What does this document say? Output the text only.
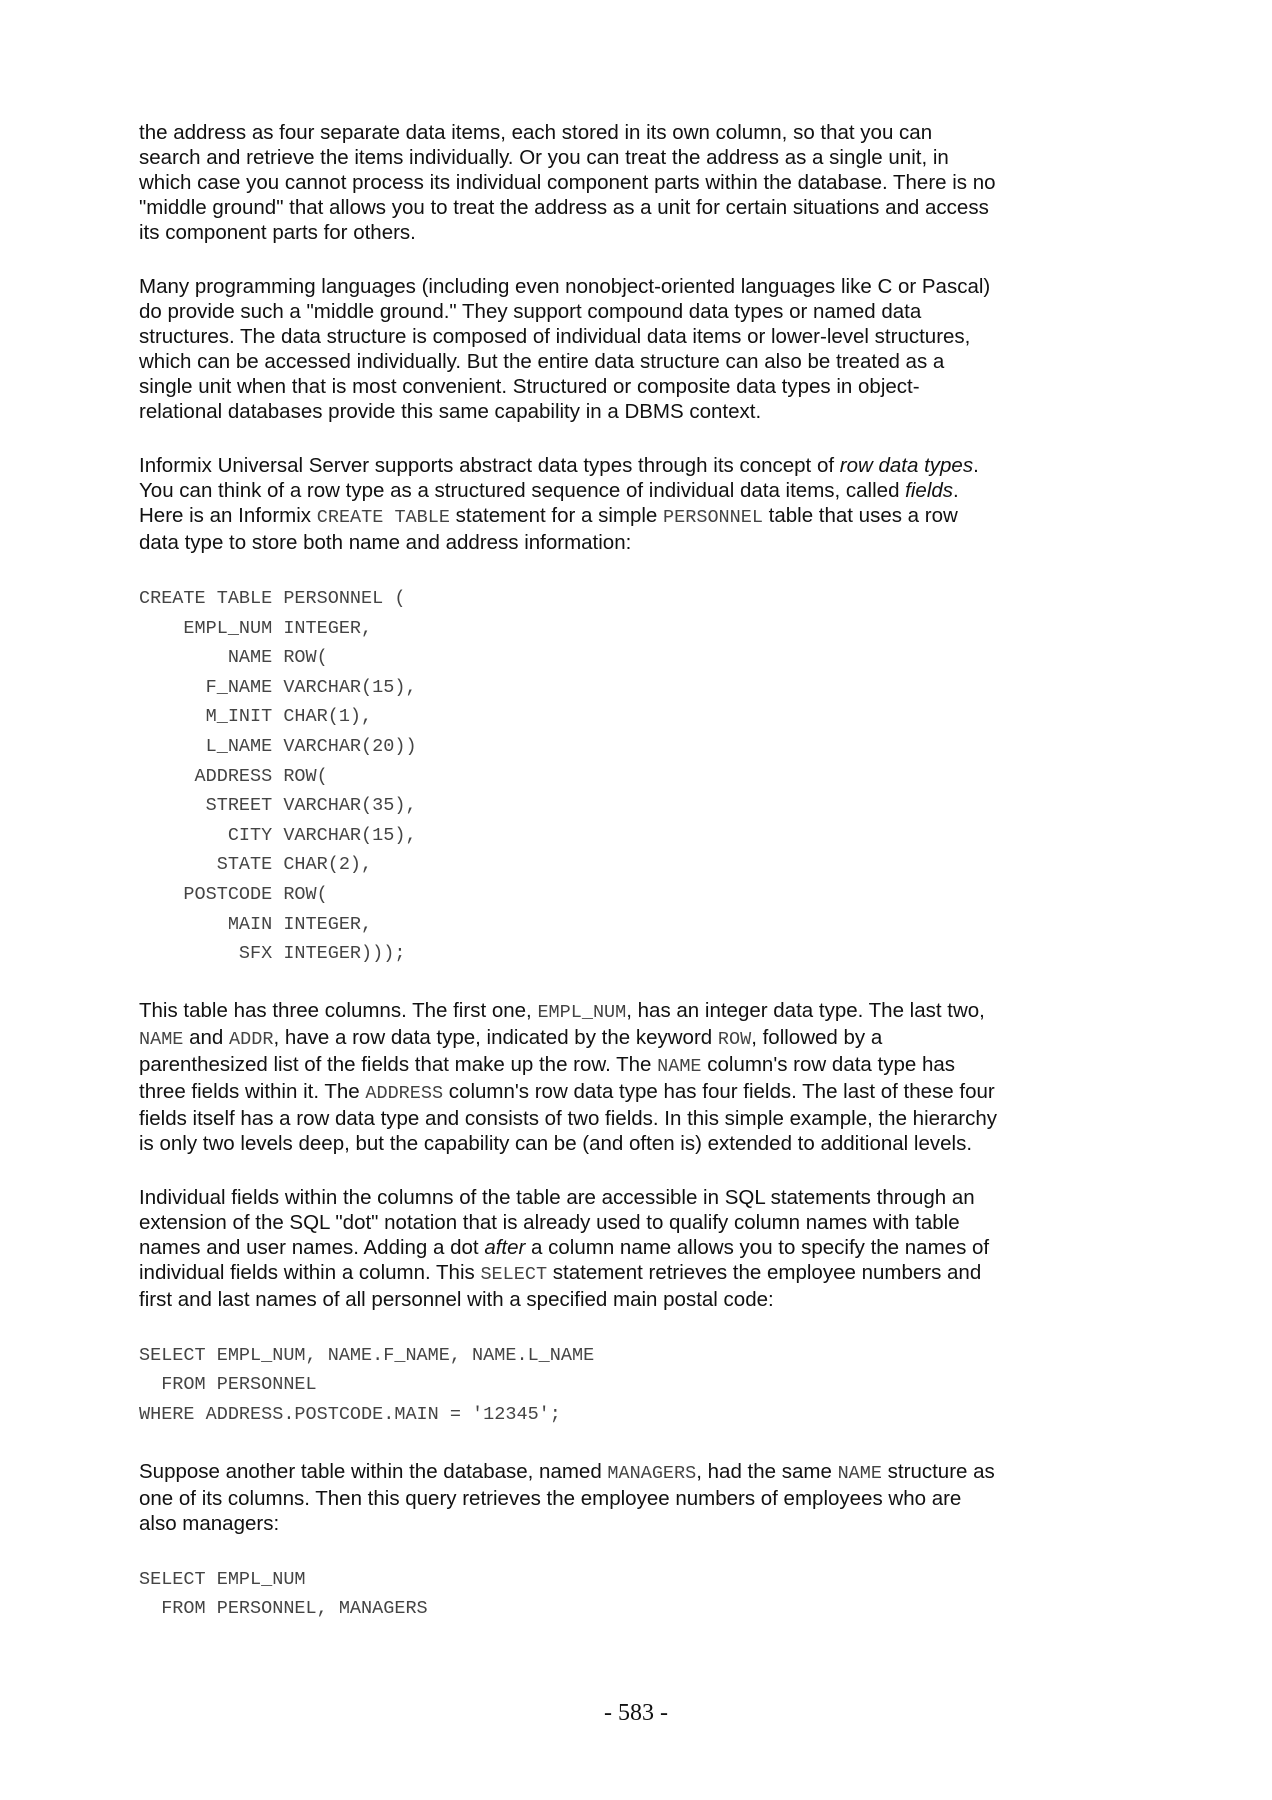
the address as four separate data items, each stored in its own column, so that you can search and retrieve the items individually. Or you can treat the address as a single unit, in which case you cannot process its individual component parts within the database. There is no "middle ground" that allows you to treat the address as a unit for certain situations and access its component parts for others.

Many programming languages (including even nonobject-oriented languages like C or Pascal) do provide such a "middle ground." They support compound data types or named data structures. The data structure is composed of individual data items or lower-level structures, which can be accessed individually. But the entire data structure can also be treated as a single unit when that is most convenient. Structured or composite data types in object-relational databases provide this same capability in a DBMS context.

Informix Universal Server supports abstract data types through its concept of row data types. You can think of a row type as a structured sequence of individual data items, called fields. Here is an Informix CREATE TABLE statement for a simple PERSONNEL table that uses a row data type to store both name and address information:

CREATE TABLE PERSONNEL (
EMPL_NUM INTEGER,
NAME ROW(
F_NAME VARCHAR(15),
M_INIT CHAR(1),
L_NAME VARCHAR(20))
ADDRESS ROW(
STREET VARCHAR(35),
CITY VARCHAR(15),
STATE CHAR(2),
POSTCODE ROW(
MAIN INTEGER,
SFX INTEGER)));

This table has three columns. The first one, EMPL_NUM, has an integer data type. The last two, NAME and ADDR, have a row data type, indicated by the keyword ROW, followed by a parenthesized list of the fields that make up the row. The NAME column's row data type has three fields within it. The ADDRESS column's row data type has four fields. The last of these four fields itself has a row data type and consists of two fields. In this simple example, the hierarchy is only two levels deep, but the capability can be (and often is) extended to additional levels.

Individual fields within the columns of the table are accessible in SQL statements through an extension of the SQL "dot" notation that is already used to qualify column names with table names and user names. Adding a dot after a column name allows you to specify the names of individual fields within a column. This SELECT statement retrieves the employee numbers and first and last names of all personnel with a specified main postal code:

SELECT EMPL_NUM, NAME.F_NAME, NAME.L_NAME
FROM PERSONNEL
WHERE ADDRESS.POSTCODE.MAIN = '12345';

Suppose another table within the database, named MANAGERS, had the same NAME structure as one of its columns. Then this query retrieves the employee numbers of employees who are also managers:

SELECT EMPL_NUM
FROM PERSONNEL, MANAGERS
- 583 -
